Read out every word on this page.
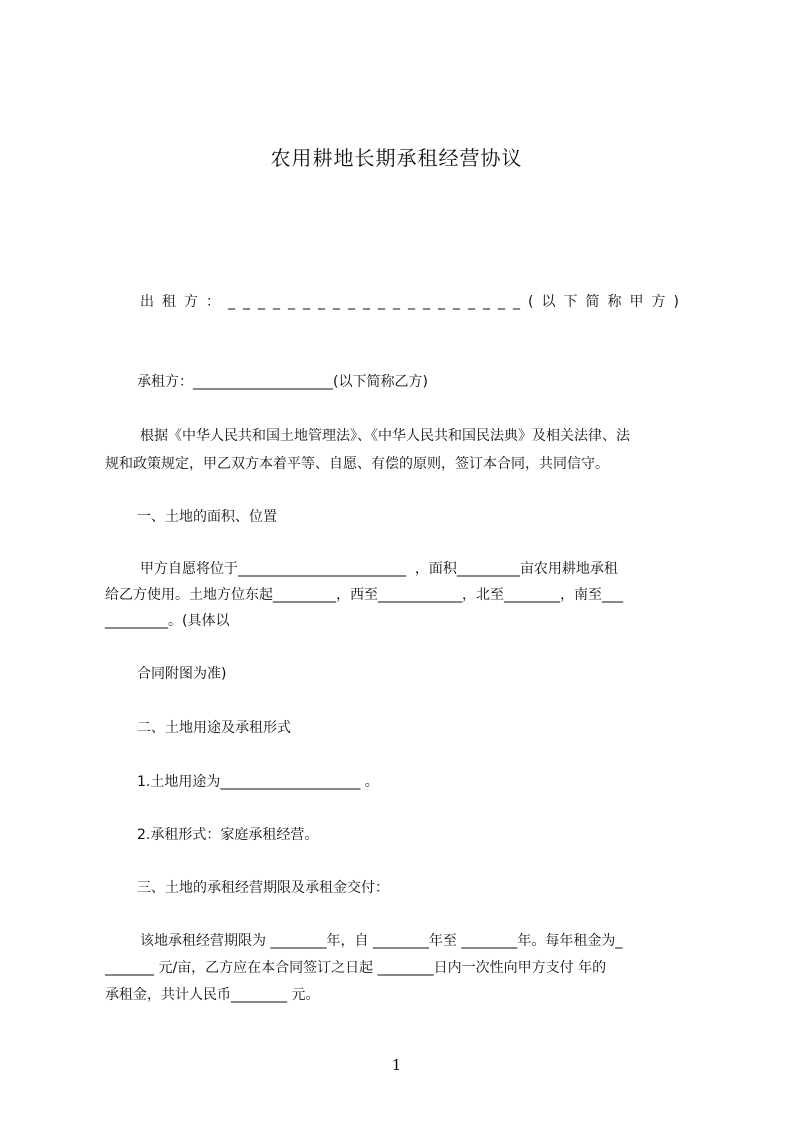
农用耕地长期承租经营协议
出租方：____________________(以下简称甲方)
承租方：____________________(以下简称乙方)
根据《中华人民共和国土地管理法》、《中华人民共和国民法典》及相关法律、法
规和政策规定，甲乙双方本着平等、自愿、有偿的原则，签订本合同，共同信守。
一、土地的面积、位置
甲方自愿将位于________________________  ，面积_________亩农用耕地承租
给乙方使用。土地方位东起_________，西至____________，北至________，南至___
_________。(具体以
合同附图为准)
二、土地用途及承租形式
1.土地用途为____________________ 。
2.承租形式：家庭承租经营。
三、土地的承租经营期限及承租金交付：
该地承租经营期限为 ________年，自 ________年至 ________年。每年租金为_
_______ 元/亩，乙方应在本合同签订之日起 ________日内一次性向甲方支付 年的
承租金，共计人民币________ 元。
1
